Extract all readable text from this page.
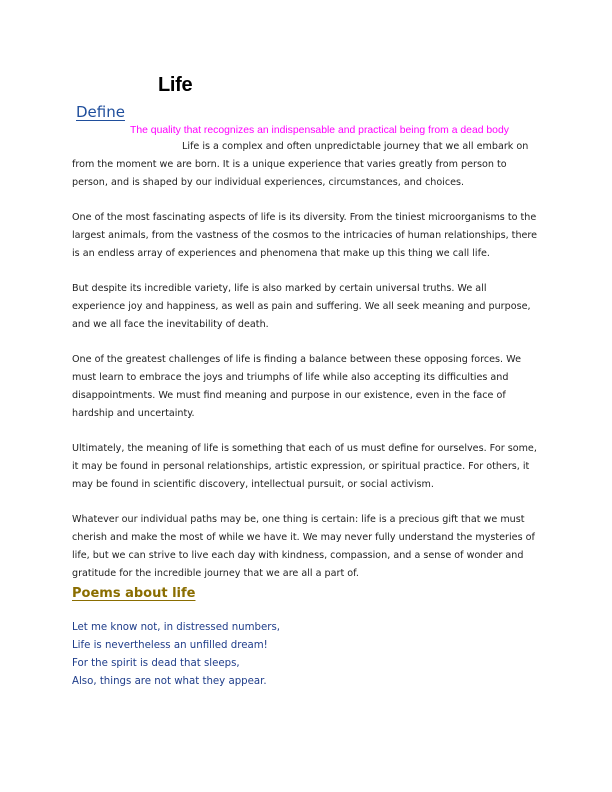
Life
Define
The quality that recognizes an indispensable and practical being from a dead body

Life is a complex and often unpredictable journey that we all embark on from the moment we are born. It is a unique experience that varies greatly from person to person, and is shaped by our individual experiences, circumstances, and choices.

One of the most fascinating aspects of life is its diversity. From the tiniest microorganisms to the largest animals, from the vastness of the cosmos to the intricacies of human relationships, there is an endless array of experiences and phenomena that make up this thing we call life.

But despite its incredible variety, life is also marked by certain universal truths. We all experience joy and happiness, as well as pain and suffering. We all seek meaning and purpose, and we all face the inevitability of death.

One of the greatest challenges of life is finding a balance between these opposing forces. We must learn to embrace the joys and triumphs of life while also accepting its difficulties and disappointments. We must find meaning and purpose in our existence, even in the face of hardship and uncertainty.

Ultimately, the meaning of life is something that each of us must define for ourselves. For some, it may be found in personal relationships, artistic expression, or spiritual practice. For others, it may be found in scientific discovery, intellectual pursuit, or social activism.

Whatever our individual paths may be, one thing is certain: life is a precious gift that we must cherish and make the most of while we have it. We may never fully understand the mysteries of life, but we can strive to live each day with kindness, compassion, and a sense of wonder and gratitude for the incredible journey that we are all a part of.

Poems about life
Let me know not, in distressed numbers,
Life is nevertheless an unfilled dream!
For the spirit is dead that sleeps,
Also, things are not what they appear.
